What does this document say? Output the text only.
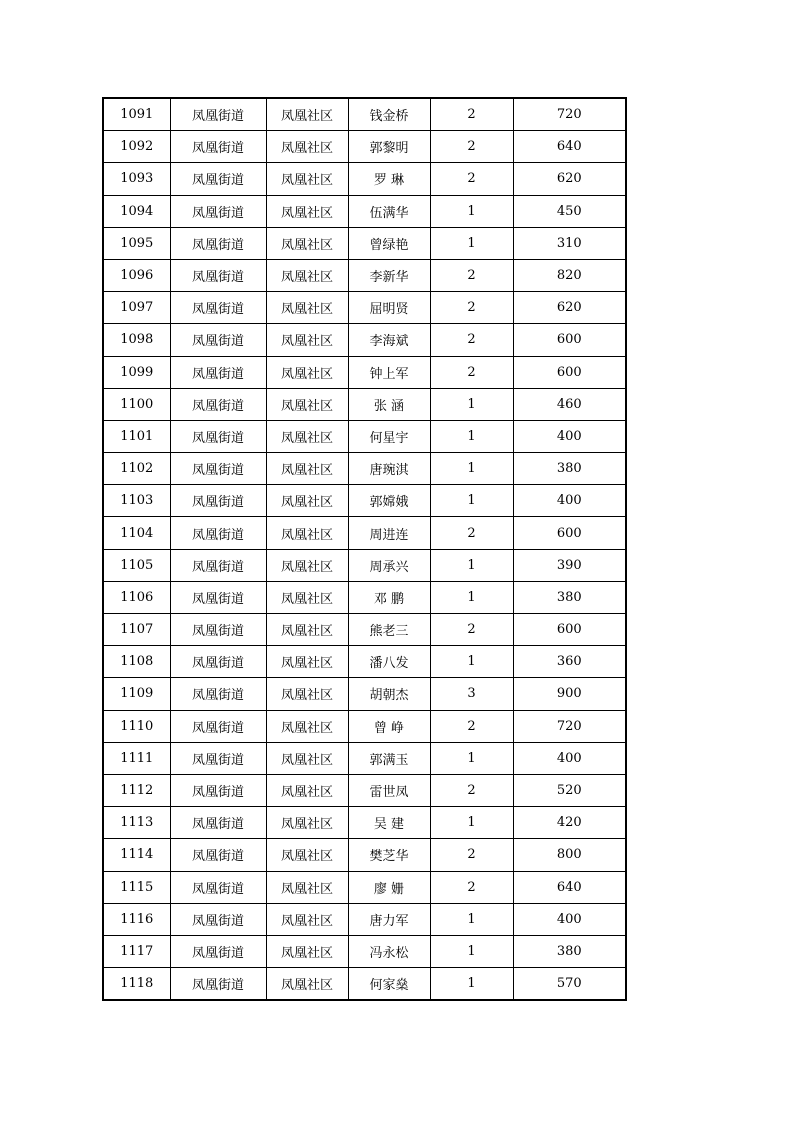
1091	凤凰街道	凤凰社区	钱金桥	2	720
1092	凤凰街道	凤凰社区	郭黎明	2	640
1093	凤凰街道	凤凰社区	罗 琳	2	620
1094	凤凰街道	凤凰社区	伍满华	1	450
1095	凤凰街道	凤凰社区	曾绿艳	1	310
1096	凤凰街道	凤凰社区	李新华	2	820
1097	凤凰街道	凤凰社区	屈明贤	2	620
1098	凤凰街道	凤凰社区	李海斌	2	600
1099	凤凰街道	凤凰社区	钟上军	2	600
1100	凤凰街道	凤凰社区	张 涵	1	460
1101	凤凰街道	凤凰社区	何星宇	1	400
1102	凤凰街道	凤凰社区	唐琬淇	1	380
1103	凤凰街道	凤凰社区	郭嫦娥	1	400
1104	凤凰街道	凤凰社区	周进连	2	600
1105	凤凰街道	凤凰社区	周承兴	1	390
1106	凤凰街道	凤凰社区	邓 鹏	1	380
1107	凤凰街道	凤凰社区	熊老三	2	600
1108	凤凰街道	凤凰社区	潘八发	1	360
1109	凤凰街道	凤凰社区	胡朝杰	3	900
1110	凤凰街道	凤凰社区	曾 峥	2	720
1111	凤凰街道	凤凰社区	郭满玉	1	400
1112	凤凰街道	凤凰社区	雷世凤	2	520
1113	凤凰街道	凤凰社区	吴 建	1	420
1114	凤凰街道	凤凰社区	樊芝华	2	800
1115	凤凰街道	凤凰社区	廖 姗	2	640
1116	凤凰街道	凤凰社区	唐力军	1	400
1117	凤凰街道	凤凰社区	冯永松	1	380
1118	凤凰街道	凤凰社区	何家燊	1	570
